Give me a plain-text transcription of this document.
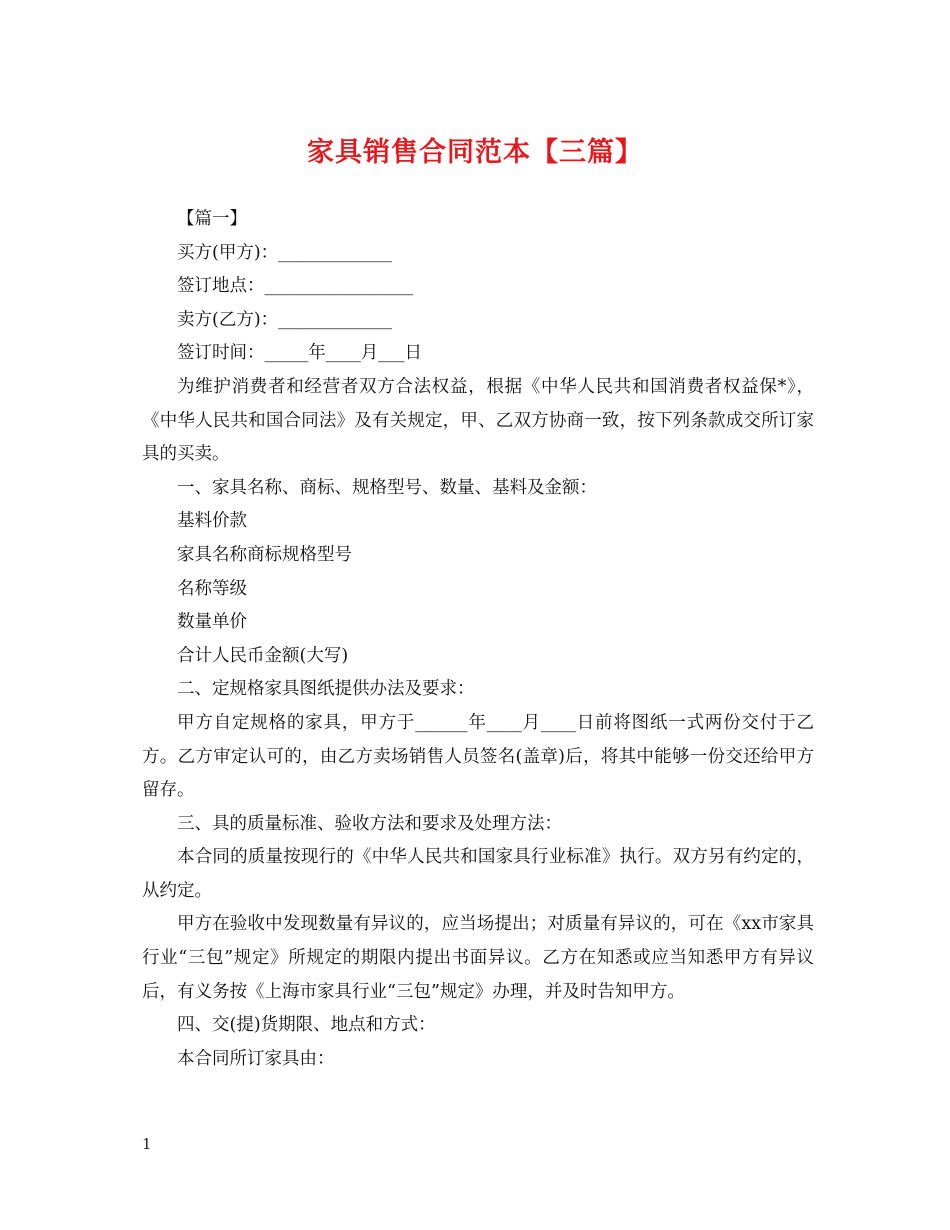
家具销售合同范本【三篇】

【篇一】

买方(甲方)：_____________

签订地点：_________________

卖方(乙方)：_____________

签订时间：_____年____月___日

为维护消费者和经营者双方合法权益，根据《中华人民共和国消费者权益保*》，《中华人民共和国合同法》及有关规定，甲、乙双方协商一致，按下列条款成交所订家具的买卖。

一、家具名称、商标、规格型号、数量、基料及金额：

基料价款

家具名称商标规格型号

名称等级

数量单价

合计人民币金额(大写)

二、定规格家具图纸提供办法及要求：

甲方自定规格的家具，甲方于______年____月____日前将图纸一式两份交付于乙方。乙方审定认可的，由乙方卖场销售人员签名(盖章)后，将其中能够一份交还给甲方留存。

三、具的质量标准、验收方法和要求及处理方法：

本合同的质量按现行的《中华人民共和国家具行业标准》执行。双方另有约定的，从约定。

甲方在验收中发现数量有异议的，应当场提出；对质量有异议的，可在《xx市家具行业“三包”规定》所规定的期限内提出书面异议。乙方在知悉或应当知悉甲方有异议后，有义务按《上海市家具行业“三包”规定》办理，并及时告知甲方。

四、交(提)货期限、地点和方式：

本合同所订家具由：

1
